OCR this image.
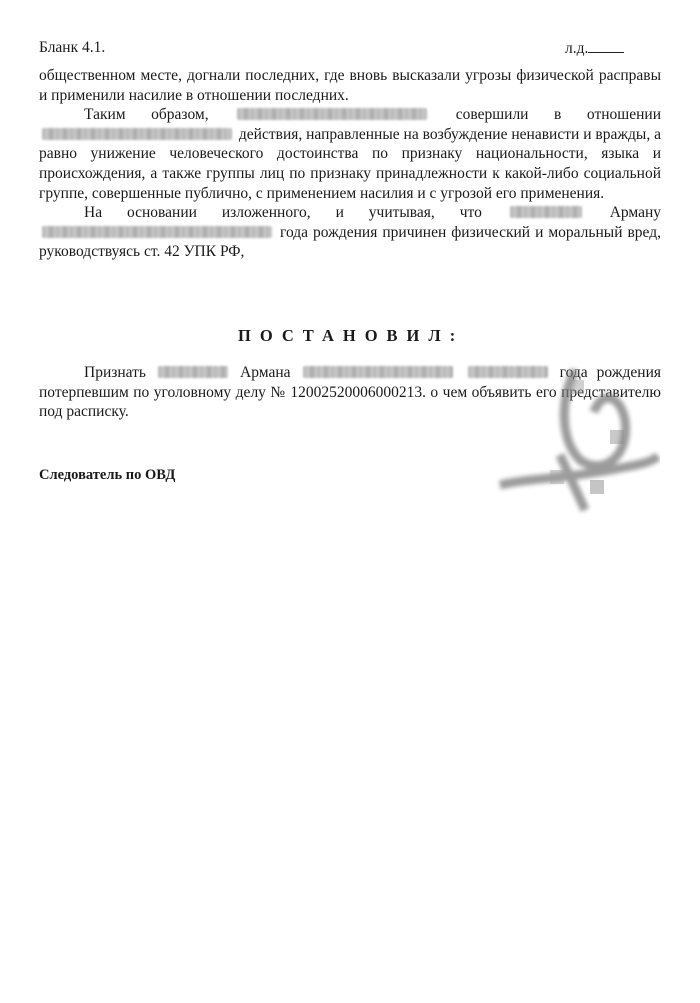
Бланк 4.1.	л.д.

общественном месте, догнали последних, где вновь высказали угрозы физической расправы и применили насилие в отношении последних.

Таким образом,	совершили в отношении  действия, направленные на возбуждение ненависти и вражды, а равно унижение человеческого достоинства по признаку национальности, языка и происхождения, а также группы лиц по признаку принадлежности к какой-либо социальной группе, совершенные публично, с применением насилия и с угрозой его применения.

На основании изложенного, и учитывая, что	Арману  года рождения причинен физический и моральный вред, руководствуясь ст. 42 УПК РФ,

ПОСТАНОВИЛ:

Признать	Армана	года рождения потерпевшим по уголовному делу № 12002520006000213. о чем объявить его представителю под расписку.

Следователь по ОВД
